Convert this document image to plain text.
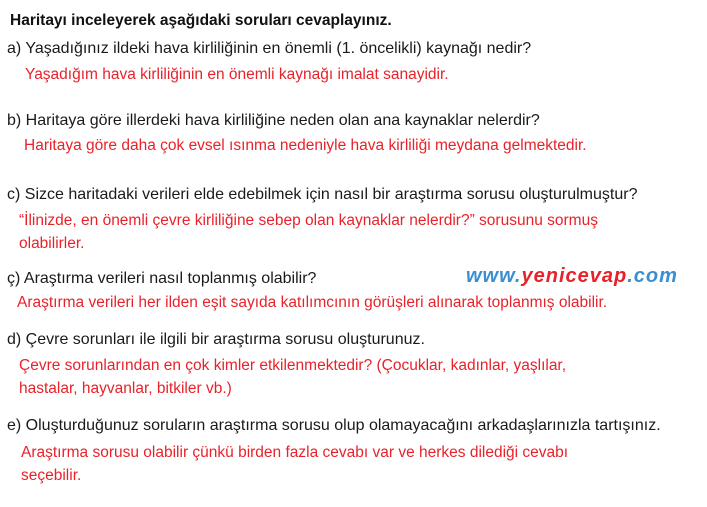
Haritayı inceleyerek aşağıdaki soruları cevaplayınız.
a) Yaşadığınız ildeki hava kirliliğinin en önemli (1. öncelikli) kaynağı nedir?
Yaşadığım hava kirliliğinin en önemli kaynağı imalat sanayidir.
b) Haritaya göre illerdeki hava kirliliğine neden olan ana kaynaklar nelerdir?
Haritaya göre daha çok evsel ısınma nedeniyle hava kirliliği meydana gelmektedir.
c) Sizce haritadaki verileri elde edebilmek için nasıl bir araştırma sorusu oluşturulmuştur?
“İlinizde, en önemli çevre kirliliğine sebep olan kaynaklar nelerdir?” sorusunu sormuş
olabilirler.
ç) Araştırma verileri nasıl toplanmış olabilir?	www.yenicevap.com
Araştırma verileri her ilden eşit sayıda katılımcının görüşleri alınarak toplanmış olabilir.
d) Çevre sorunları ile ilgili bir araştırma sorusu oluşturunuz.
Çevre sorunlarından en çok kimler etkilenmektedir? (Çocuklar, kadınlar, yaşlılar,
hastalar, hayvanlar, bitkiler vb.)
e) Oluşturduğunuz soruların araştırma sorusu olup olamayacağını arkadaşlarınızla tartışınız.
Araştırma sorusu olabilir çünkü birden fazla cevabı var ve herkes dilediği cevabı
seçebilir.
